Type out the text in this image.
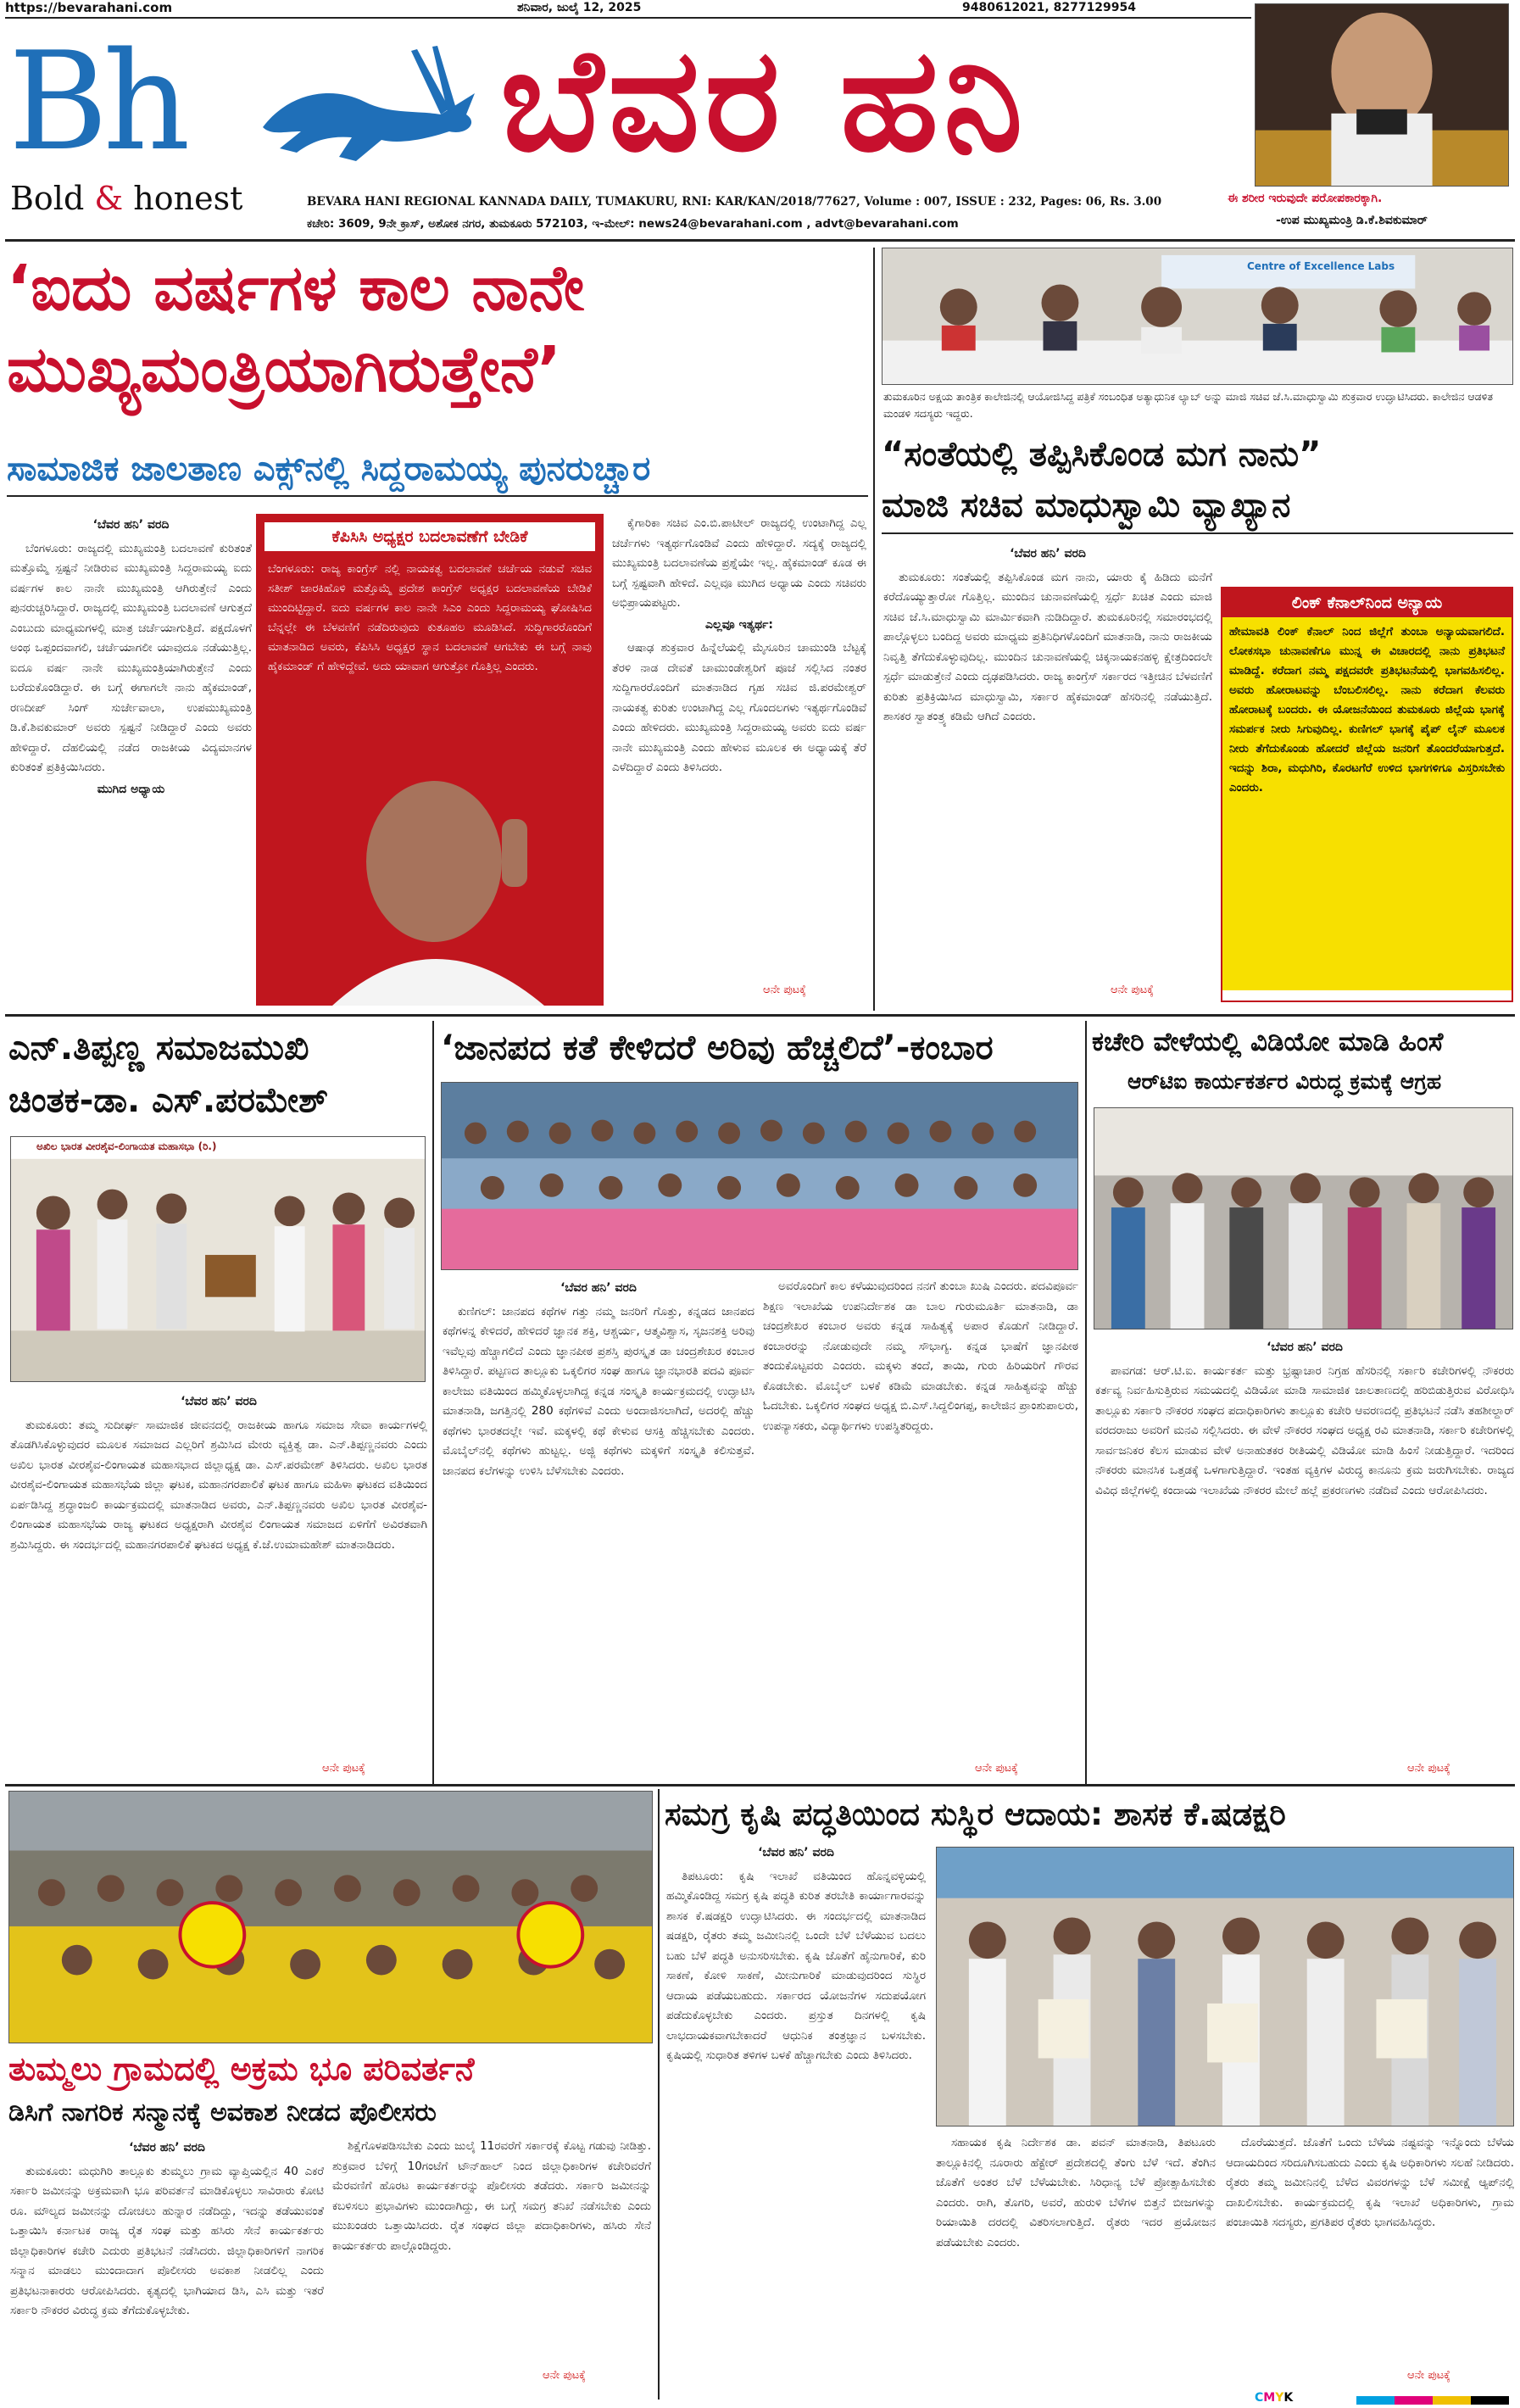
https://bevarahani.com	ಶನಿವಾರ, ಜುಲೈ 12, 2025	9480612021, 8277129954
Bh
Bold & honest
ಬೆವರ ಹನಿ
BEVARA HANI REGIONAL KANNADA DAILY, TUMAKURU, RNI: KAR/KAN/2018/77627, Volume : 007, ISSUE : 232, Pages: 06, Rs. 3.00
ಕಚೇರಿ: 3609, 9ನೇ ಕ್ರಾಸ್, ಅಶೋಕ ನಗರ, ತುಮಕೂರು 572103, ಇ-ಮೇಲ್: news24@bevarahani.com , advt@bevarahani.com
ಈ ಶರೀರ ಇರುವುದೇ ಪರೋಪಕಾರಕ್ಕಾಗಿ.
-ಉಪ ಮುಖ್ಯಮಂತ್ರಿ ಡಿ.ಕೆ.ಶಿವಕುಮಾರ್
‘ಐದು ವರ್ಷಗಳ ಕಾಲ ನಾನೇ
ಮುಖ್ಯಮಂತ್ರಿಯಾಗಿರುತ್ತೇನೆ’
ಸಾಮಾಜಿಕ ಜಾಲತಾಣ ಎಕ್ಸ್‌ನಲ್ಲಿ ಸಿದ್ದರಾಮಯ್ಯ ಪುನರುಚ್ಚಾರ
‘ಬೆವರ ಹನಿ’ ವರದಿ

ಬೆಂಗಳೂರು: ರಾಜ್ಯದಲ್ಲಿ ಮುಖ್ಯಮಂತ್ರಿ ಬದಲಾವಣೆ ಕುರಿತಂತೆ ಮತ್ತೊಮ್ಮೆ ಸ್ಪಷ್ಟನೆ ನೀಡಿರುವ ಮುಖ್ಯಮಂತ್ರಿ ಸಿದ್ದರಾಮಯ್ಯ ಐದು ವರ್ಷಗಳ ಕಾಲ ನಾನೇ ಮುಖ್ಯಮಂತ್ರಿ ಆಗಿರುತ್ತೇನೆ ಎಂದು ಪುನರುಚ್ಚರಿಸಿದ್ದಾರೆ. ರಾಜ್ಯದಲ್ಲಿ ಮುಖ್ಯಮಂತ್ರಿ ಬದಲಾವಣೆ ಆಗುತ್ತದೆ ಎಂಬುದು ಮಾಧ್ಯಮಗಳಲ್ಲಿ ಮಾತ್ರ ಚರ್ಚೆಯಾಗುತ್ತಿದೆ. ಪಕ್ಷದೊಳಗೆ ಅಂಥ ಒಪ್ಪಂದವಾಗಲಿ, ಚರ್ಚೆಯಾಗಲೀ ಯಾವುದೂ ನಡೆಯುತ್ತಿಲ್ಲ. ಐದೂ ವರ್ಷ ನಾನೇ ಮುಖ್ಯಮಂತ್ರಿಯಾಗಿರುತ್ತೇನೆ ಎಂದು ಬರೆದುಕೊಂಡಿದ್ದಾರೆ. ಈ ಬಗ್ಗೆ ಈಗಾಗಲೇ ನಾನು ಹೈಕಮಾಂಡ್, ರಣದೀಪ್ ಸಿಂಗ್ ಸುರ್ಜೇವಾಲಾ, ಉಪಮುಖ್ಯಮಂತ್ರಿ ಡಿ.ಕೆ.ಶಿವಕುಮಾರ್ ಅವರು ಸ್ಪಷ್ಟನೆ ನೀಡಿದ್ದಾರೆ ಎಂದು ಅವರು ಹೇಳಿದ್ದಾರೆ. ದೆಹಲಿಯಲ್ಲಿ ನಡೆದ ರಾಜಕೀಯ ವಿದ್ಯಮಾನಗಳ ಕುರಿತಂತೆ ಪ್ರತಿಕ್ರಿಯಿಸಿದರು.

ಮುಗಿದ ಅಧ್ಯಾಯ
ಕೆಪಿಸಿಸಿ ಅಧ್ಯಕ್ಷರ ಬದಲಾವಣೆಗೆ ಬೇಡಿಕೆ
ಬೆಂಗಳೂರು: ರಾಜ್ಯ ಕಾಂಗ್ರೆಸ್ ನಲ್ಲಿ ನಾಯಕತ್ವ ಬದಲಾವಣೆ ಚರ್ಚೆಯ ನಡುವೆ ಸಚಿವ ಸತೀಶ್ ಜಾರಕಿಹೊಳಿ ಮತ್ತೊಮ್ಮೆ ಪ್ರದೇಶ ಕಾಂಗ್ರೆಸ್ ಅಧ್ಯಕ್ಷರ ಬದಲಾವಣೆಯ ಬೇಡಿಕೆ ಮುಂದಿಟ್ಟಿದ್ದಾರೆ. ಐದು ವರ್ಷಗಳ ಕಾಲ ನಾನೇ ಸಿಎಂ ಎಂದು ಸಿದ್ದರಾಮಯ್ಯ ಘೋಷಿಸಿದ ಬೆನ್ನಲ್ಲೇ ಈ ಬೆಳವಣಿಗೆ ನಡೆದಿರುವುದು ಕುತೂಹಲ ಮೂಡಿಸಿದೆ. ಸುದ್ದಿಗಾರರೊಂದಿಗೆ ಮಾತನಾಡಿದ ಅವರು, ಕೆಪಿಸಿಸಿ ಅಧ್ಯಕ್ಷರ ಸ್ಥಾನ ಬದಲಾವಣೆ ಆಗಬೇಕು ಈ ಬಗ್ಗೆ ನಾವು ಹೈಕಮಾಂಡ್ ಗೆ ಹೇಳಿದ್ದೇವೆ. ಅದು ಯಾವಾಗ ಆಗುತ್ತೋ ಗೊತ್ತಿಲ್ಲ ಎಂದರು.

ಕೈಗಾರಿಕಾ ಸಚಿವ ಎಂ.ಬಿ.ಪಾಟೀಲ್ ರಾಜ್ಯದಲ್ಲಿ ಉಂಟಾಗಿದ್ದ ಎಲ್ಲ ಚರ್ಚೆಗಳು ಇತ್ಯರ್ಥಗೊಂಡಿವೆ ಎಂದು ಹೇಳಿದ್ದಾರೆ. ಸದ್ಯಕ್ಕೆ ರಾಜ್ಯದಲ್ಲಿ ಮುಖ್ಯಮಂತ್ರಿ ಬದಲಾವಣೆಯ ಪ್ರಶ್ನೆಯೇ ಇಲ್ಲ. ಹೈಕಮಾಂಡ್ ಕೂಡ ಈ ಬಗ್ಗೆ ಸ್ಪಷ್ಟವಾಗಿ ಹೇಳಿದೆ. ಎಲ್ಲವೂ ಮುಗಿದ ಅಧ್ಯಾಯ ಎಂದು ಸಚಿವರು ಅಭಿಪ್ರಾಯಪಟ್ಟರು.

ಎಲ್ಲವೂ ಇತ್ಯರ್ಥ:

ಆಷಾಢ ಶುಕ್ರವಾರ ಹಿನ್ನೆಲೆಯಲ್ಲಿ ಮೈಸೂರಿನ ಚಾಮುಂಡಿ ಬೆಟ್ಟಕ್ಕೆ ತೆರಳಿ ನಾಡ ದೇವತೆ ಚಾಮುಂಡೇಶ್ವರಿಗೆ ಪೂಜೆ ಸಲ್ಲಿಸಿದ ನಂತರ ಸುದ್ದಿಗಾರರೊಂದಿಗೆ ಮಾತನಾಡಿದ ಗೃಹ ಸಚಿವ ಜಿ.ಪರಮೇಶ್ವರ್ ನಾಯಕತ್ವ ಕುರಿತು ಉಂಟಾಗಿದ್ದ ಎಲ್ಲ ಗೊಂದಲಗಳು ಇತ್ಯರ್ಥಗೊಂಡಿವೆ ಎಂದು ಹೇಳಿದರು. ಮುಖ್ಯಮಂತ್ರಿ ಸಿದ್ದರಾಮಯ್ಯ ಅವರು ಐದು ವರ್ಷ ನಾನೇ ಮುಖ್ಯಮಂತ್ರಿ ಎಂದು ಹೇಳುವ ಮೂಲಕ ಈ ಅಧ್ಯಾಯಕ್ಕೆ ತೆರೆ ಎಳೆದಿದ್ದಾರೆ ಎಂದು ತಿಳಿಸಿದರು.

ಆನೇ ಪುಟಕ್ಕೆ
Centre of Excellence Labs
ತುಮಕೂರಿನ ಅಕ್ಷಯ ತಾಂತ್ರಿಕ ಕಾಲೇಜಿನಲ್ಲಿ ಆಯೋಜಿಸಿದ್ದ ಪತ್ರಿಕೆ ಸಂಬಂಧಿತ ಅತ್ಯಾಧುನಿಕ ಲ್ಯಾಬ್ ಅನ್ನು ಮಾಜಿ ಸಚಿವ ಜೆ.ಸಿ.ಮಾಧುಸ್ವಾಮಿ ಶುಕ್ರವಾರ ಉದ್ಘಾಟಿಸಿದರು. ಕಾಲೇಜಿನ ಆಡಳಿತ ಮಂಡಳಿ ಸದಸ್ಯರು ಇದ್ದರು.
“ಸಂತೆಯಲ್ಲಿ ತಪ್ಪಿಸಿಕೊಂಡ ಮಗ ನಾನು”
ಮಾಜಿ ಸಚಿವ ಮಾಧುಸ್ವಾಮಿ ವ್ಯಾಖ್ಯಾನ
‘ಬೆವರ ಹನಿ’ ವರದಿ

ತುಮಕೂರು: ಸಂತೆಯಲ್ಲಿ ತಪ್ಪಿಸಿಕೊಂಡ ಮಗ ನಾನು, ಯಾರು ಕೈ ಹಿಡಿದು ಮನೆಗೆ ಕರೆದೊಯ್ಯುತ್ತಾರೋ ಗೊತ್ತಿಲ್ಲ. ಮುಂದಿನ ಚುನಾವಣೆಯಲ್ಲಿ ಸ್ಪರ್ಧೆ ಖಚಿತ ಎಂದು ಮಾಜಿ ಸಚಿವ ಜೆ.ಸಿ.ಮಾಧುಸ್ವಾಮಿ ಮಾರ್ಮಿಕವಾಗಿ ನುಡಿದಿದ್ದಾರೆ. ತುಮಕೂರಿನಲ್ಲಿ ಸಮಾರಂಭದಲ್ಲಿ ಪಾಲ್ಗೊಳ್ಳಲು ಬಂದಿದ್ದ ಅವರು ಮಾಧ್ಯಮ ಪ್ರತಿನಿಧಿಗಳೊಂದಿಗೆ ಮಾತನಾಡಿ, ನಾನು ರಾಜಕೀಯ ನಿವೃತ್ತಿ ತೆಗೆದುಕೊಳ್ಳುವುದಿಲ್ಲ. ಮುಂದಿನ ಚುನಾವಣೆಯಲ್ಲಿ ಚಿಕ್ಕನಾಯಕನಹಳ್ಳಿ ಕ್ಷೇತ್ರದಿಂದಲೇ ಸ್ಪರ್ಧೆ ಮಾಡುತ್ತೇನೆ ಎಂದು ದೃಢಪಡಿಸಿದರು. ರಾಜ್ಯ ಕಾಂಗ್ರೆಸ್ ಸರ್ಕಾರದ ಇತ್ತೀಚಿನ ಬೆಳವಣಿಗೆ ಕುರಿತು ಪ್ರತಿಕ್ರಿಯಿಸಿದ ಮಾಧುಸ್ವಾಮಿ, ಸರ್ಕಾರ ಹೈಕಮಾಂಡ್ ಹೆಸರಿನಲ್ಲಿ ನಡೆಯುತ್ತಿದೆ. ಶಾಸಕರ ಸ್ವಾತಂತ್ರ್ಯ ಕಡಿಮೆ ಆಗಿದೆ ಎಂದರು.

ಆನೇ ಪುಟಕ್ಕೆ
ಲಿಂಕ್ ಕೆನಾಲ್‌ನಿಂದ ಅನ್ಯಾಯ
ಹೇಮಾವತಿ ಲಿಂಕ್ ಕೆನಾಲ್ ನಿಂದ ಜಿಲ್ಲೆಗೆ ತುಂಬಾ ಅನ್ಯಾಯವಾಗಲಿದೆ. ಲೋಕಸಭಾ ಚುನಾವಣೆಗೂ ಮುನ್ನ ಈ ವಿಚಾರದಲ್ಲಿ ನಾನು ಪ್ರತಿಭಟನೆ ಮಾಡಿದ್ದೆ. ಕರೆದಾಗ ನಮ್ಮ ಪಕ್ಷದವರೇ ಪ್ರತಿಭಟನೆಯಲ್ಲಿ ಭಾಗವಹಿಸಲಿಲ್ಲ. ಅವರು ಹೋರಾಟವನ್ನು ಬೆಂಬಲಿಸಲಿಲ್ಲ. ನಾನು ಕರೆದಾಗ ಕೆಲವರು ಹೋರಾಟಕ್ಕೆ ಬಂದರು. ಈ ಯೋಜನೆಯಿಂದ ತುಮಕೂರು ಜಿಲ್ಲೆಯ ಭಾಗಕ್ಕೆ ಸಮರ್ಪಕ ನೀರು ಸಿಗುವುದಿಲ್ಲ. ಕುಣಿಗಲ್ ಭಾಗಕ್ಕೆ ಪೈಪ್ ಲೈನ್ ಮೂಲಕ ನೀರು ತೆಗೆದುಕೊಂಡು ಹೋದರೆ ಜಿಲ್ಲೆಯ ಜನರಿಗೆ ತೊಂದರೆಯಾಗುತ್ತದೆ. ಇದನ್ನು ಶಿರಾ, ಮಧುಗಿರಿ, ಕೊರಟಗೆರೆ ಉಳಿದ ಭಾಗಗಳಿಗೂ ವಿಸ್ತರಿಸಬೇಕು ಎಂದರು.
ಎನ್.ತಿಪ್ಪಣ್ಣ ಸಮಾಜಮುಖಿ
ಚಿಂತಕ-ಡಾ. ಎಸ್.ಪರಮೇಶ್
ಅಖಿಲ ಭಾರತ ವೀರಶೈವ-ಲಿಂಗಾಯತ ಮಹಾಸಭಾ (ರಿ.)
‘ಬೆವರ ಹನಿ’ ವರದಿ

ತುಮಕೂರು: ತಮ್ಮ ಸುದೀರ್ಘ ಸಾಮಾಜಿಕ ಜೀವನದಲ್ಲಿ ರಾಜಕೀಯ ಹಾಗೂ ಸಮಾಜ ಸೇವಾ ಕಾರ್ಯಗಳಲ್ಲಿ ತೊಡಗಿಸಿಕೊಳ್ಳುವುದರ ಮೂಲಕ ಸಮಾಜದ ಎಲ್ಲರಿಗೆ ಶ್ರಮಿಸಿದ ಮೇರು ವ್ಯಕ್ತಿತ್ವ ಡಾ. ಎನ್.ತಿಪ್ಪಣ್ಣನವರು ಎಂದು ಅಖಿಲ ಭಾರತ ವೀರಶೈವ-ಲಿಂಗಾಯತ ಮಹಾಸಭಾದ ಜಿಲ್ಲಾಧ್ಯಕ್ಷ ಡಾ. ಎಸ್.ಪರಮೇಶ್ ತಿಳಿಸಿದರು. ಅಖಿಲ ಭಾರತ ವೀರಶೈವ-ಲಿಂಗಾಯತ ಮಹಾಸಭೆಯ ಜಿಲ್ಲಾ ಘಟಕ, ಮಹಾನಗರಪಾಲಿಕೆ ಘಟಕ ಹಾಗೂ ಮಹಿಳಾ ಘಟಕದ ವತಿಯಿಂದ ಏರ್ಪಡಿಸಿದ್ದ ಶ್ರದ್ಧಾಂಜಲಿ ಕಾರ್ಯಕ್ರಮದಲ್ಲಿ ಮಾತನಾಡಿದ ಅವರು, ಎನ್.ತಿಪ್ಪಣ್ಣನವರು ಅಖಿಲ ಭಾರತ ವೀರಶೈವ-ಲಿಂಗಾಯತ ಮಹಾಸಭೆಯ ರಾಜ್ಯ ಘಟಕದ ಅಧ್ಯಕ್ಷರಾಗಿ ವೀರಶೈವ ಲಿಂಗಾಯತ ಸಮಾಜದ ಏಳಿಗೆಗೆ ಅವಿರತವಾಗಿ ಶ್ರಮಿಸಿದ್ದರು. ಈ ಸಂದರ್ಭದಲ್ಲಿ ಮಹಾನಗರಪಾಲಿಕೆ ಘಟಕದ ಅಧ್ಯಕ್ಷ ಕೆ.ಜೆ.ಉಮಾಮಹೇಶ್ ಮಾತನಾಡಿದರು.

ಆನೇ ಪುಟಕ್ಕೆ
‘ಜಾನಪದ ಕತೆ ಕೇಳಿದರೆ ಅರಿವು ಹೆಚ್ಚಲಿದೆ’-ಕಂಬಾರ
‘ಬೆವರ ಹನಿ’ ವರದಿ

ಕುಣಿಗಲ್: ಜಾನಪದ ಕಥೆಗಳ ಗತ್ತು ನಮ್ಮ ಜನರಿಗೆ ಗೊತ್ತು, ಕನ್ನಡದ ಜಾನಪದ ಕಥೆಗಳನ್ನ ಕೇಳಿದರೆ, ಹೇಳಿದರೆ ಜ್ಞಾನಕ ಶಕ್ತಿ, ಆಶ್ಚರ್ಯ, ಆತ್ಮವಿಶ್ವಾಸ, ಸೃಜನಶಕ್ತಿ ಅರಿವು ಇವೆಲ್ಲವು ಹೆಚ್ಚಾಗಲಿದೆ ಎಂದು ಜ್ಞಾನಪೀಠ ಪ್ರಶಸ್ತಿ ಪುರಸ್ಕೃತ ಡಾ ಚಂದ್ರಶೇಖರ ಕಂಬಾರ ತಿಳಿಸಿದ್ದಾರೆ. ಪಟ್ಟಣದ ತಾಲ್ಲೂಕು ಒಕ್ಕಲಿಗರ ಸಂಘ ಹಾಗೂ ಜ್ಞಾನಭಾರತಿ ಪದವಿ ಪೂರ್ವ ಕಾಲೇಜು ವತಿಯಿಂದ ಹಮ್ಮಿಕೊಳ್ಳಲಾಗಿದ್ದ ಕನ್ನಡ ಸಂಸ್ಕೃತಿ ಕಾರ್ಯಕ್ರಮದಲ್ಲಿ ಉದ್ಘಾಟಿಸಿ ಮಾತನಾಡಿ, ಜಗತ್ತಿನಲ್ಲಿ 280 ಕಥೆಗಳಿವೆ ಎಂದು ಅಂದಾಜಿಸಲಾಗಿದೆ, ಅದರಲ್ಲಿ ಹೆಚ್ಚು ಕಥೆಗಳು ಭಾರತದಲ್ಲೇ ಇವೆ. ಮಕ್ಕಳಲ್ಲಿ ಕಥೆ ಕೇಳುವ ಆಸಕ್ತಿ ಹೆಚ್ಚಿಸಬೇಕು ಎಂದರು. ಮೊಬೈಲ್‌ನಲ್ಲಿ ಕಥೆಗಳು ಹುಟ್ಟಲ್ಲ. ಅಜ್ಜಿ ಕಥೆಗಳು ಮಕ್ಕಳಿಗೆ ಸಂಸ್ಕೃತಿ ಕಲಿಸುತ್ತವೆ. ಜಾನಪದ ಕಲೆಗಳನ್ನು ಉಳಿಸಿ ಬೆಳೆಸಬೇಕು ಎಂದರು.

ಅವರೊಂದಿಗೆ ಕಾಲ ಕಳೆಯುವುದರಿಂದ ನನಗೆ ತುಂಬಾ ಖುಷಿ ಎಂದರು. ಪದವಿಪೂರ್ವ ಶಿಕ್ಷಣ ಇಲಾಖೆಯ ಉಪನಿರ್ದೇಶಕ ಡಾ ಬಾಲ ಗುರುಮೂರ್ತಿ ಮಾತನಾಡಿ, ಡಾ ಚಂದ್ರಶೇಖರ ಕಂಬಾರ ಅವರು ಕನ್ನಡ ಸಾಹಿತ್ಯಕ್ಕೆ ಅಪಾರ ಕೊಡುಗೆ ನೀಡಿದ್ದಾರೆ. ಕಂಬಾರರನ್ನು ನೋಡುವುದೇ ನಮ್ಮ ಸೌಭಾಗ್ಯ. ಕನ್ನಡ ಭಾಷೆಗೆ ಜ್ಞಾನಪೀಠ ತಂದುಕೊಟ್ಟವರು ಎಂದರು. ಮಕ್ಕಳು ತಂದೆ, ತಾಯಿ, ಗುರು ಹಿರಿಯರಿಗೆ ಗೌರವ ಕೊಡಬೇಕು. ಮೊಬೈಲ್ ಬಳಕೆ ಕಡಿಮೆ ಮಾಡಬೇಕು. ಕನ್ನಡ ಸಾಹಿತ್ಯವನ್ನು ಹೆಚ್ಚು ಓದಬೇಕು. ಒಕ್ಕಲಿಗರ ಸಂಘದ ಅಧ್ಯಕ್ಷ ಬಿ.ಎಸ್.ಸಿದ್ದಲಿಂಗಪ್ಪ, ಕಾಲೇಜಿನ ಪ್ರಾಂಶುಪಾಲರು, ಉಪನ್ಯಾಸಕರು, ವಿದ್ಯಾರ್ಥಿಗಳು ಉಪಸ್ಥಿತರಿದ್ದರು.

ಆನೇ ಪುಟಕ್ಕೆ
ಕಚೇರಿ ವೇಳೆಯಲ್ಲಿ ವಿಡಿಯೋ ಮಾಡಿ ಹಿಂಸೆ
ಆರ್‌ಟಿಐ ಕಾರ್ಯಕರ್ತರ ವಿರುದ್ಧ ಕ್ರಮಕ್ಕೆ ಆಗ್ರಹ
‘ಬೆವರ ಹನಿ’ ವರದಿ

ಪಾವಗಡ: ಆರ್.ಟಿ.ಐ. ಕಾರ್ಯಕರ್ತ ಮತ್ತು ಭ್ರಷ್ಟಾಚಾರ ನಿಗ್ರಹ ಹೆಸರಿನಲ್ಲಿ ಸರ್ಕಾರಿ ಕಚೇರಿಗಳಲ್ಲಿ ನೌಕರರು ಕರ್ತವ್ಯ ನಿರ್ವಹಿಸುತ್ತಿರುವ ಸಮಯದಲ್ಲಿ ವಿಡಿಯೋ ಮಾಡಿ ಸಾಮಾಜಿಕ ಜಾಲತಾಣದಲ್ಲಿ ಹರಿಬಿಡುತ್ತಿರುವ ವಿರೋಧಿಸಿ ತಾಲ್ಲೂಕು ಸರ್ಕಾರಿ ನೌಕರರ ಸಂಘದ ಪದಾಧಿಕಾರಿಗಳು ತಾಲ್ಲೂಕು ಕಚೇರಿ ಆವರಣದಲ್ಲಿ ಪ್ರತಿಭಟನೆ ನಡೆಸಿ ತಹಶೀಲ್ದಾರ್ ವರದರಾಜು ಅವರಿಗೆ ಮನವಿ ಸಲ್ಲಿಸಿದರು. ಈ ವೇಳೆ ನೌಕರರ ಸಂಘದ ಅಧ್ಯಕ್ಷ ರವಿ ಮಾತನಾಡಿ, ಸರ್ಕಾರಿ ಕಚೇರಿಗಳಲ್ಲಿ ಸಾರ್ವಜನಿಕರ ಕೆಲಸ ಮಾಡುವ ವೇಳೆ ಅನಾಹುತಕರ ರೀತಿಯಲ್ಲಿ ವಿಡಿಯೋ ಮಾಡಿ ಹಿಂಸೆ ನೀಡುತ್ತಿದ್ದಾರೆ. ಇದರಿಂದ ನೌಕರರು ಮಾನಸಿಕ ಒತ್ತಡಕ್ಕೆ ಒಳಗಾಗುತ್ತಿದ್ದಾರೆ. ಇಂತಹ ವ್ಯಕ್ತಿಗಳ ವಿರುದ್ಧ ಕಾನೂನು ಕ್ರಮ ಜರುಗಿಸಬೇಕು. ರಾಜ್ಯದ ವಿವಿಧ ಜಿಲ್ಲೆಗಳಲ್ಲಿ ಕಂದಾಯ ಇಲಾಖೆಯ ನೌಕರರ ಮೇಲೆ ಹಲ್ಲೆ ಪ್ರಕರಣಗಳು ನಡೆದಿವೆ ಎಂದು ಆರೋಪಿಸಿದರು.

ಆನೇ ಪುಟಕ್ಕೆ
ತುಮ್ಮಲು ಗ್ರಾಮದಲ್ಲಿ ಅಕ್ರಮ ಭೂ ಪರಿವರ್ತನೆ
ಡಿಸಿಗೆ ನಾಗರಿಕ ಸನ್ಮಾನಕ್ಕೆ ಅವಕಾಶ ನೀಡದ ಪೊಲೀಸರು
‘ಬೆವರ ಹನಿ’ ವರದಿ

ತುಮಕೂರು: ಮಧುಗಿರಿ ತಾಲ್ಲೂಕು ತುಮ್ಮಲು ಗ್ರಾಮ ವ್ಯಾಪ್ತಿಯಲ್ಲಿನ 40 ಎಕರೆ ಸರ್ಕಾರಿ ಜಮೀನನ್ನು ಅಕ್ರಮವಾಗಿ ಭೂ ಪರಿವರ್ತನೆ ಮಾಡಿಕೊಳ್ಳಲು ಸಾವಿರಾರು ಕೋಟಿ ರೂ. ಮೌಲ್ಯದ ಜಮೀನನ್ನು ದೋಚಲು ಹುನ್ನಾರ ನಡೆದಿದ್ದು, ಇದನ್ನು ತಡೆಯುವಂತೆ ಒತ್ತಾಯಿಸಿ ಕರ್ನಾಟಕ ರಾಜ್ಯ ರೈತ ಸಂಘ ಮತ್ತು ಹಸಿರು ಸೇನೆ ಕಾರ್ಯಕರ್ತರು ಜಿಲ್ಲಾಧಿಕಾರಿಗಳ ಕಚೇರಿ ಎದುರು ಪ್ರತಿಭಟನೆ ನಡೆಸಿದರು. ಜಿಲ್ಲಾಧಿಕಾರಿಗಳಿಗೆ ನಾಗರಿಕ ಸನ್ಮಾನ ಮಾಡಲು ಮುಂದಾದಾಗ ಪೊಲೀಸರು ಅವಕಾಶ ನೀಡಲಿಲ್ಲ ಎಂದು ಪ್ರತಿಭಟನಾಕಾರರು ಆರೋಪಿಸಿದರು. ಕೃತ್ಯದಲ್ಲಿ ಭಾಗಿಯಾದ ಡಿಸಿ, ಎಸಿ ಮತ್ತು ಇತರೆ ಸರ್ಕಾರಿ ನೌಕರರ ವಿರುದ್ಧ ಕ್ರಮ ತೆಗೆದುಕೊಳ್ಳಬೇಕು.

ಶಿಕ್ಷೆಗೊಳಪಡಿಸಬೇಕು ಎಂದು ಜುಲೈ 11ರವರೆಗೆ ಸರ್ಕಾರಕ್ಕೆ ಕೊಟ್ಟ ಗಡುವು ನೀಡಿತ್ತು. ಶುಕ್ರವಾರ ಬೆಳಿಗ್ಗೆ 10ಗಂಟೆಗೆ ಟೌನ್‌ಹಾಲ್ ನಿಂದ ಜಿಲ್ಲಾಧಿಕಾರಿಗಳ ಕಚೇರಿವರೆಗೆ ಮೆರವಣಿಗೆ ಹೊರಟ ಕಾರ್ಯಕರ್ತರನ್ನು ಪೊಲೀಸರು ತಡೆದರು. ಸರ್ಕಾರಿ ಜಮೀನನ್ನು ಕಬಳಿಸಲು ಪ್ರಭಾವಿಗಳು ಮುಂದಾಗಿದ್ದು, ಈ ಬಗ್ಗೆ ಸಮಗ್ರ ತನಿಖೆ ನಡೆಸಬೇಕು ಎಂದು ಮುಖಂಡರು ಒತ್ತಾಯಿಸಿದರು. ರೈತ ಸಂಘದ ಜಿಲ್ಲಾ ಪದಾಧಿಕಾರಿಗಳು, ಹಸಿರು ಸೇನೆ ಕಾರ್ಯಕರ್ತರು ಪಾಲ್ಗೊಂಡಿದ್ದರು.

ಆನೇ ಪುಟಕ್ಕೆ
ಸಮಗ್ರ ಕೃಷಿ ಪದ್ಧತಿಯಿಂದ ಸುಸ್ಥಿರ ಆದಾಯ: ಶಾಸಕ ಕೆ.ಷಡಕ್ಷರಿ
‘ಬೆವರ ಹನಿ’ ವರದಿ

ತಿಪಟೂರು: ಕೃಷಿ ಇಲಾಖೆ ವತಿಯಿಂದ ಹೊನ್ನವಳ್ಳಿಯಲ್ಲಿ ಹಮ್ಮಿಕೊಂಡಿದ್ದ ಸಮಗ್ರ ಕೃಷಿ ಪದ್ಧತಿ ಕುರಿತ ತರಬೇತಿ ಕಾರ್ಯಾಗಾರವನ್ನು ಶಾಸಕ ಕೆ.ಷಡಕ್ಷರಿ ಉದ್ಘಾಟಿಸಿದರು. ಈ ಸಂದರ್ಭದಲ್ಲಿ ಮಾತನಾಡಿದ ಷಡಕ್ಷರಿ, ರೈತರು ತಮ್ಮ ಜಮೀನಿನಲ್ಲಿ ಒಂದೇ ಬೆಳೆ ಬೆಳೆಯುವ ಬದಲು ಬಹು ಬೆಳೆ ಪದ್ಧತಿ ಅನುಸರಿಸಬೇಕು. ಕೃಷಿ ಜೊತೆಗೆ ಹೈನುಗಾರಿಕೆ, ಕುರಿ ಸಾಕಣೆ, ಕೋಳಿ ಸಾಕಣೆ, ಮೀನುಗಾರಿಕೆ ಮಾಡುವುದರಿಂದ ಸುಸ್ಥಿರ ಆದಾಯ ಪಡೆಯಬಹುದು. ಸರ್ಕಾರದ ಯೋಜನೆಗಳ ಸದುಪಯೋಗ ಪಡೆದುಕೊಳ್ಳಬೇಕು ಎಂದರು. ಪ್ರಸ್ತುತ ದಿನಗಳಲ್ಲಿ ಕೃಷಿ ಲಾಭದಾಯಕವಾಗಬೇಕಾದರೆ ಆಧುನಿಕ ತಂತ್ರಜ್ಞಾನ ಬಳಸಬೇಕು. ಕೃಷಿಯಲ್ಲಿ ಸುಧಾರಿತ ತಳಿಗಳ ಬಳಕೆ ಹೆಚ್ಚಾಗಬೇಕು ಎಂದು ತಿಳಿಸಿದರು.

ಸಹಾಯಕ ಕೃಷಿ ನಿರ್ದೇಶಕ ಡಾ. ಪವನ್ ಮಾತನಾಡಿ, ತಿಪಟೂರು ತಾಲ್ಲೂಕಿನಲ್ಲಿ ನೂರಾರು ಹೆಕ್ಟೇರ್ ಪ್ರದೇಶದಲ್ಲಿ ತೆಂಗು ಬೆಳೆ ಇದೆ. ತೆಂಗಿನ ಜೊತೆಗೆ ಅಂತರ ಬೆಳೆ ಬೆಳೆಯಬೇಕು. ಸಿರಿಧಾನ್ಯ ಬೆಳೆ ಪ್ರೋತ್ಸಾಹಿಸಬೇಕು ಎಂದರು. ರಾಗಿ, ತೊಗರಿ, ಅವರೆ, ಹುರುಳಿ ಬೆಳೆಗಳ ಬಿತ್ತನೆ ಬೀಜಗಳನ್ನು ರಿಯಾಯಿತಿ ದರದಲ್ಲಿ ವಿತರಿಸಲಾಗುತ್ತಿದೆ. ರೈತರು ಇದರ ಪ್ರಯೋಜನ ಪಡೆಯಬೇಕು ಎಂದರು.

ದೊರೆಯುತ್ತದೆ. ಜೊತೆಗೆ ಒಂದು ಬೆಳೆಯ ನಷ್ಟವನ್ನು ಇನ್ನೊಂದು ಬೆಳೆಯ ಆದಾಯದಿಂದ ಸರಿದೂಗಿಸಬಹುದು ಎಂದು ಕೃಷಿ ಅಧಿಕಾರಿಗಳು ಸಲಹೆ ನೀಡಿದರು. ರೈತರು ತಮ್ಮ ಜಮೀನಿನಲ್ಲಿ ಬೆಳೆದ ವಿವರಗಳನ್ನು ಬೆಳೆ ಸಮೀಕ್ಷೆ ಆ್ಯಪ್‌ನಲ್ಲಿ ದಾಖಲಿಸಬೇಕು. ಕಾರ್ಯಕ್ರಮದಲ್ಲಿ ಕೃಷಿ ಇಲಾಖೆ ಅಧಿಕಾರಿಗಳು, ಗ್ರಾಮ ಪಂಚಾಯಿತಿ ಸದಸ್ಯರು, ಪ್ರಗತಿಪರ ರೈತರು ಭಾಗವಹಿಸಿದ್ದರು.

ಆನೇ ಪುಟಕ್ಕೆ
CMYK
